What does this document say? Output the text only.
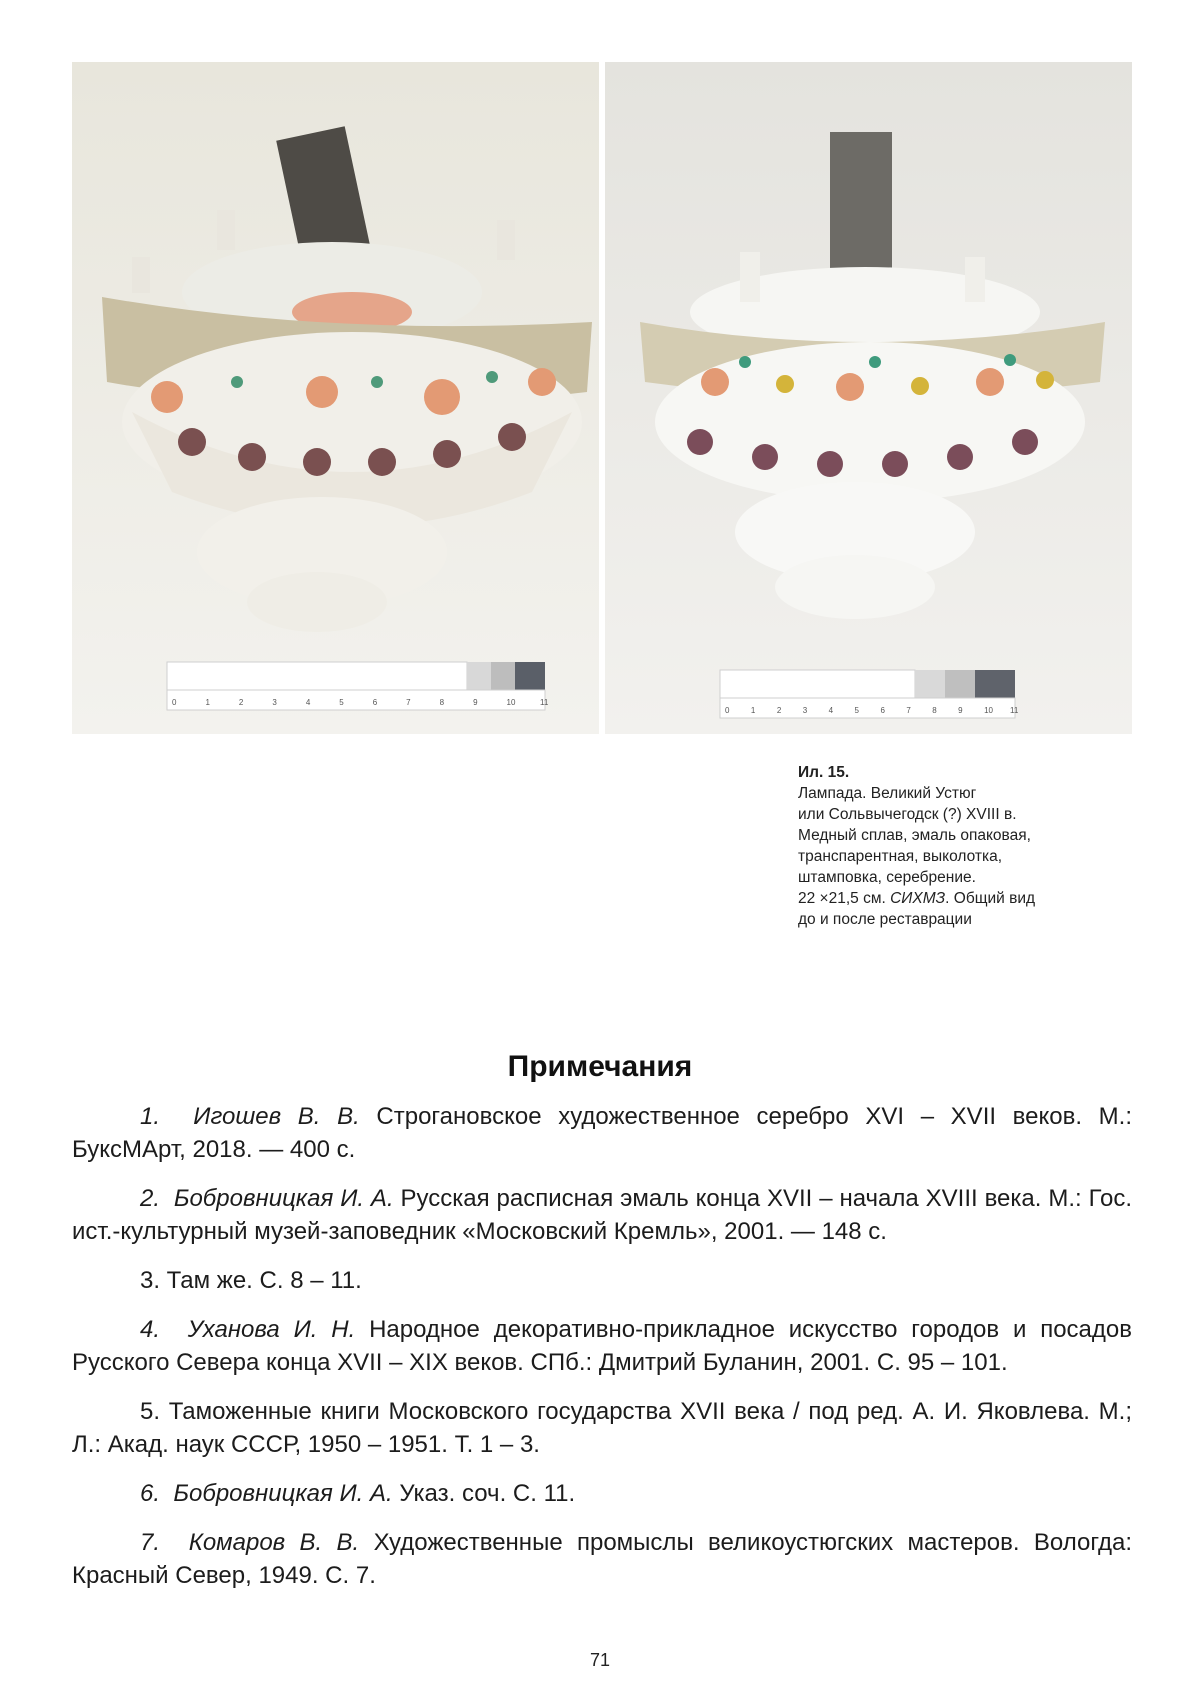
0	1	2	3	4	5	6	7	8	9	10	11
0	1	2	3	4	5	6	7	8	9	10 11
Ил. 15.
Лампада. Великий Устюг
или Сольвычегодск (?) XVIII в.
Медный сплав, эмаль опаковая,
транспарентная, выколотка,
штамповка, серебрение.
22 ×21,5 см. СИХМЗ. Общий вид
до и после реставрации
Примечания

1. Игошев В. В. Строгановское художественное серебро XVI – XVII веков. М.: БуксМАрт, 2018. — 400 с.

2. Бобровницкая И. А. Русская расписная эмаль конца XVII – начала XVIII века. М.: Гос. ист.-культурный музей-заповедник «Московский Кремль», 2001. — 148 с.

3. Там же. С. 8 – 11.

4. Уханова И. Н. Народное декоративно-прикладное искусство городов и посадов Русского Севера конца XVII – XIX веков. СПб.: Дмитрий Буланин, 2001. С. 95 – 101.

5. Таможенные книги Московского государства XVII века / под ред. А. И. Яковлева. М.; Л.: Акад. наук СССР, 1950 – 1951. Т. 1 – 3.

6. Бобровницкая И. А. Указ. соч. С. 11.

7. Комаров В. В. Художественные промыслы великоустюгских мастеров. Вологда: Красный Север, 1949. С. 7.

71
